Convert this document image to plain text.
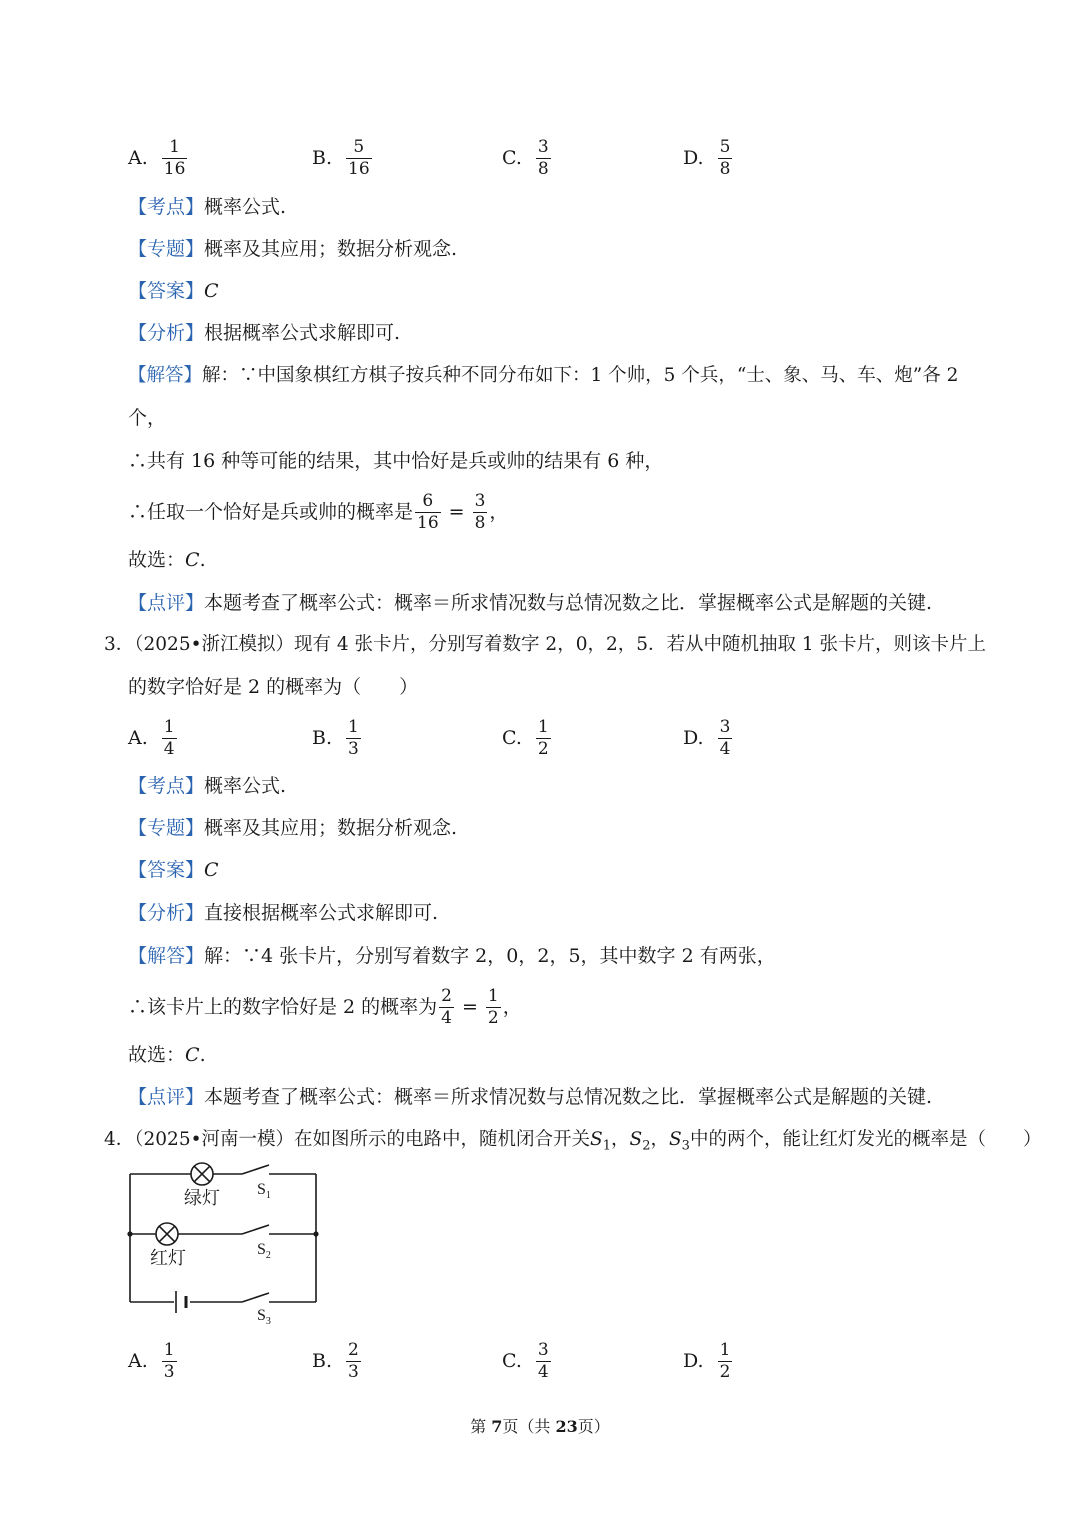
A. $\frac{1}{16}$	B. $\frac{5}{16}$	C. $\frac{3}{8}$	D. $\frac{5}{8}$
【考点】概率公式.
【专题】概率及其应用；数据分析观念.
【答案】C
【分析】根据概率公式求解即可.
【解答】解：∵中国象棋红方棋子按兵种不同分布如下：1 个帅，5 个兵，“士、象、马、车、炮”各 2
个，
∴共有 16 种等可能的结果，其中恰好是兵或帅的结果有 6 种，
∴任取一个恰好是兵或帅的概率是 $\frac{6}{16} = \frac{3}{8}$ ，
故选：C.
【点评】本题考查了概率公式：概率＝所求情况数与总情况数之比．掌握概率公式是解题的关键.
3．（2025•浙江模拟）现有 4 张卡片，分别写着数字 2，0，2，5．若从中随机抽取 1 张卡片，则该卡片上
的数字恰好是 2 的概率为（　　）
A. $\frac{1}{4}$	B. $\frac{1}{3}$	C. $\frac{1}{2}$	D. $\frac{3}{4}$
【考点】概率公式.
【专题】概率及其应用；数据分析观念.
【答案】C
【分析】直接根据概率公式求解即可.
【解答】解：∵4 张卡片，分别写着数字 2，0，2，5，其中数字 2 有两张，
∴该卡片上的数字恰好是 2 的概率为 $\frac{2}{4} = \frac{1}{2}$ ，
故选：C.
【点评】本题考查了概率公式：概率＝所求情况数与总情况数之比．掌握概率公式是解题的关键.
4．（2025•河南一模）在如图所示的电路中，随机闭合开关$S_1$，$S_2$，$S_3$中的两个，能让红灯发光的概率是（　　）
绿灯
红灯
$S_1$
$S_2$
$S_3$
A. $\frac{1}{3}$	B. $\frac{2}{3}$	C. $\frac{3}{4}$	D. $\frac{1}{2}$
第 7页（共 23页）
